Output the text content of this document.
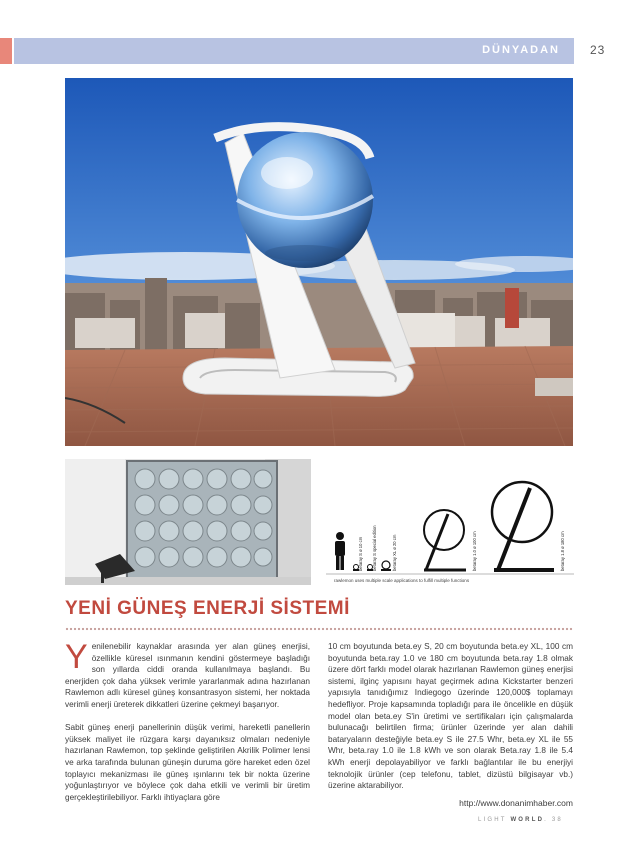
DÜNYADAN	23
betaray S ø 10 cm betaray S special edition	betaray XL ø 20 cm	betaray 1.0 ø 100 cm	betaray 1.8 ø 180 cm
rawlemon uses multiple scale applications to fulfill multiple functions
YENİ GÜNEŞ ENERJİ SİSTEMİ

Yenilenebilir kaynaklar arasında yer alan güneş enerjisi, özellikle küresel ısınmanın kendini göstermeye başladığı son yıllarda ciddi oranda kullanılmaya başlandı. Bu enerjiden çok daha yüksek verimle yararlanmak adına hazırlanan Rawlemon adlı küresel güneş konsantrasyon sistemi, her noktada verimli enerji üreterek dikkatleri üzerine çekmeyi başarıyor.

Sabit güneş enerji panellerinin düşük verimi, hareketli panellerin yüksek maliyet ile rüzgara karşı dayanıksız olmaları nedeniyle hazırlanan Rawlemon, top şeklinde geliştirilen Akrilik Polimer lensi ve arka tarafında bulunan güneşin duruma göre hareket eden özel toplayıcı mekanizması ile güneş ışınlarını tek bir nokta üzerine yoğunlaştırıyor ve böylece çok daha etkili ve verimli bir üretim gerçekleştirilebiliyor. Farklı ihtiyaçlara göre

10 cm boyutunda beta.ey S, 20 cm boyutunda beta.ey XL, 100 cm boyutunda beta.ray 1.0 ve 180 cm boyutunda beta.ray 1.8 olmak üzere dört farklı model olarak hazırlanan Rawlemon güneş enerjisi sistemi, ilginç yapısını hayat geçirmek adına Kickstarter benzeri yapısıyla tanıdığımız Indiegogo üzerinde 120,000$ toplamayı hedefliyor. Proje kapsamında topladığı para ile öncelikle en düşük model olan beta.ey S'in üretimi ve sertifikaları için çalışmalarda bulunacağı belirtilen firma; ürünler üzerinde yer alan dahili bataryaların desteğiyle beta.ey S ile 27.5 Whr, beta.ey XL ile 55 Whr, beta.ray 1.0 ile 1.8 kWh ve son olarak Beta.ray 1.8 ile 5.4 kWh enerji depolayabiliyor ve farklı bağlantılar ile bu enerjiyi teknolojik ürünler (cep telefonu, tablet, dizüstü bilgisayar vb.) üzerine aktarabiliyor.

http://www.donanimhaber.com
LIGHT WORLD. 38
